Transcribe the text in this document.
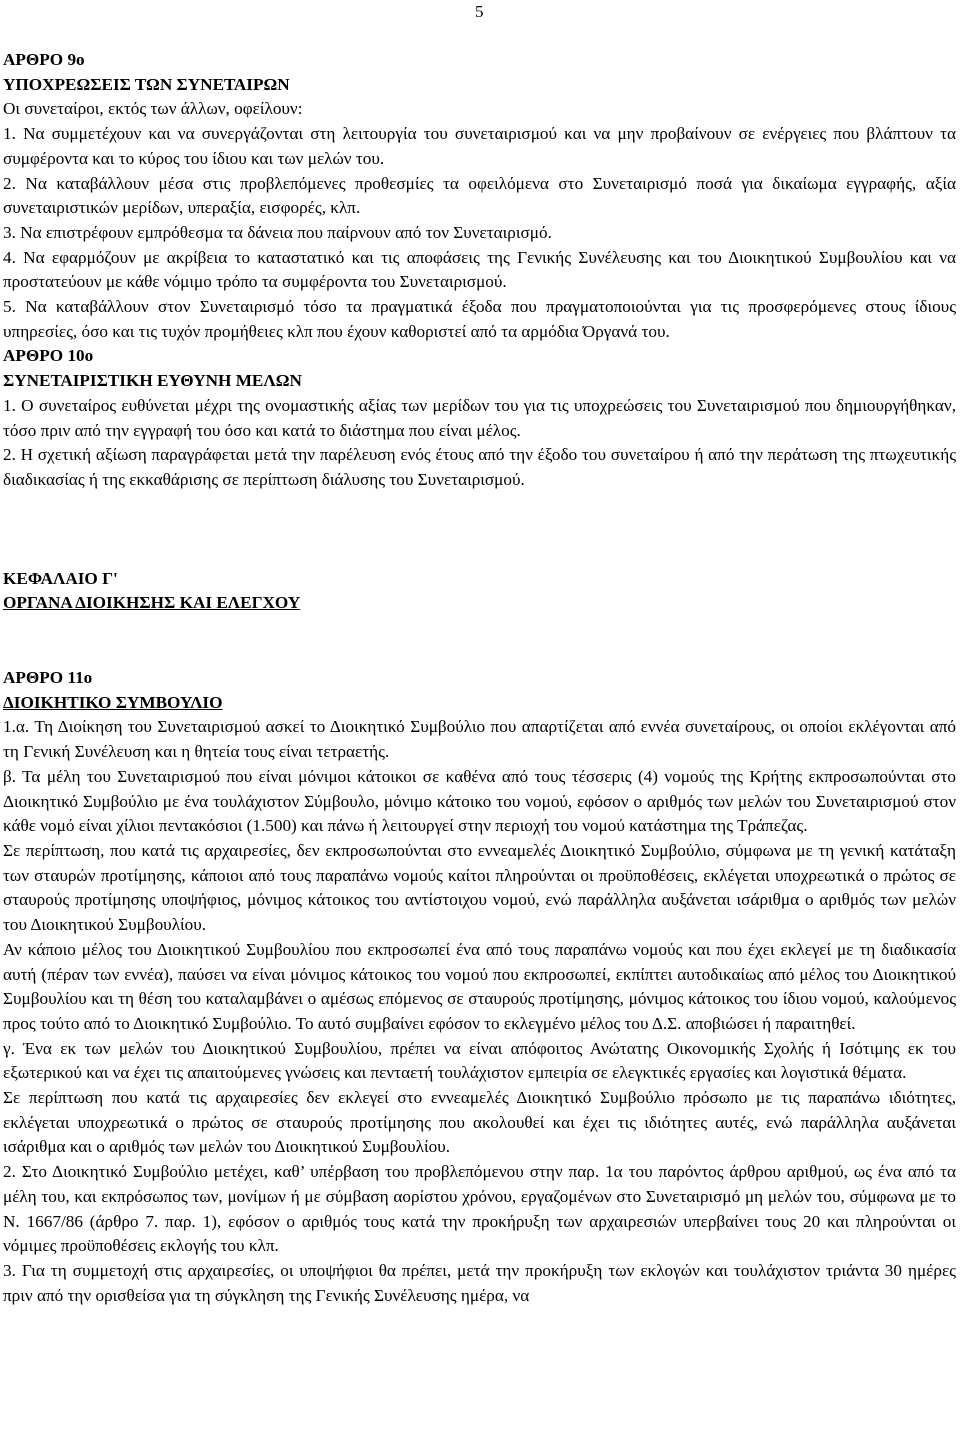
5

ΑΡΘΡΟ 9ο

ΥΠΟΧΡΕΩΣΕΙΣ ΤΩΝ ΣΥΝΕΤΑΙΡΩΝ

Οι συνεταίροι, εκτός των άλλων, οφείλουν:

1. Να συμμετέχουν και να συνεργάζονται στη λειτουργία του συνεταιρισμού και να μην προβαίνουν σε ενέργειες που βλάπτουν τα συμφέροντα και το κύρος του ίδιου και των μελών του.

2. Να καταβάλλουν μέσα στις προβλεπόμενες προθεσμίες τα οφειλόμενα στο Συνεταιρισμό ποσά για δικαίωμα εγγραφής, αξία συνεταιριστικών μερίδων, υπεραξία, εισφορές, κλπ.

3. Να επιστρέφουν εμπρόθεσμα τα δάνεια που παίρνουν από τον Συνεταιρισμό.

4. Να εφαρμόζουν με ακρίβεια το καταστατικό και τις αποφάσεις της Γενικής Συνέλευσης και του Διοικητικού Συμβουλίου και να προστατεύουν με κάθε νόμιμο τρόπο τα συμφέροντα του Συνεταιρισμού.

5. Να καταβάλλουν στον Συνεταιρισμό τόσο τα πραγματικά έξοδα που πραγματοποιούνται για τις προσφερόμενες στους ίδιους υπηρεσίες, όσο και τις τυχόν προμήθειες κλπ που έχουν καθοριστεί από τα αρμόδια Όργανά του.

ΑΡΘΡΟ 10ο

ΣΥΝΕΤΑΙΡΙΣΤΙΚΗ ΕΥΘΥΝΗ ΜΕΛΩΝ

1. Ο συνεταίρος ευθύνεται μέχρι της ονομαστικής αξίας των μερίδων του για τις υποχρεώσεις του Συνεταιρισμού που δημιουργήθηκαν, τόσο πριν από την εγγραφή του όσο και κατά το διάστημα που είναι μέλος.

2. Η σχετική αξίωση παραγράφεται μετά την παρέλευση ενός έτους από την έξοδο του συνεταίρου ή από την περάτωση της πτωχευτικής διαδικασίας ή της εκκαθάρισης σε περίπτωση διάλυσης του Συνεταιρισμού.

ΚΕΦΑΛΑΙΟ Γ'

ΟΡΓΑΝΑ ΔΙΟΙΚΗΣΗΣ ΚΑΙ ΕΛΕΓΧΟΥ

ΑΡΘΡΟ 11ο

ΔΙΟΙΚΗΤΙΚΟ ΣΥΜΒΟΥΛΙΟ

1.α. Τη Διοίκηση του Συνεταιρισμού ασκεί το Διοικητικό Συμβούλιο που απαρτίζεται από εννέα συνεταίρους, οι οποίοι εκλέγονται από τη Γενική Συνέλευση και η θητεία τους είναι τετραετής.

β. Τα μέλη του Συνεταιρισμού που είναι μόνιμοι κάτοικοι σε καθένα από τους τέσσερις (4) νομούς της Κρήτης εκπροσωπούνται στο Διοικητικό Συμβούλιο με ένα τουλάχιστον Σύμβουλο, μόνιμο κάτοικο του νομού, εφόσον ο αριθμός των μελών του Συνεταιρισμού στον κάθε νομό είναι χίλιοι πεντακόσιοι (1.500) και πάνω ή λειτουργεί στην περιοχή του νομού κατάστημα της Τράπεζας.

Σε περίπτωση, που κατά τις αρχαιρεσίες, δεν εκπροσωπούνται στο εννεαμελές Διοικητικό Συμβούλιο, σύμφωνα με τη γενική κατάταξη των σταυρών προτίμησης, κάποιοι από τους παραπάνω νομούς καίτοι πληρούνται οι προϋποθέσεις, εκλέγεται υποχρεωτικά ο πρώτος σε σταυρούς προτίμησης υποψήφιος, μόνιμος κάτοικος του αντίστοιχου νομού, ενώ παράλληλα αυξάνεται ισάριθμα ο αριθμός των μελών του Διοικητικού Συμβουλίου.

Αν κάποιο μέλος του Διοικητικού Συμβουλίου που εκπροσωπεί ένα από τους παραπάνω νομούς και που έχει εκλεγεί με τη διαδικασία αυτή (πέραν των εννέα), παύσει να είναι μόνιμος κάτοικος του νομού που εκπροσωπεί, εκπίπτει αυτοδικαίως από μέλος του Διοικητικού Συμβουλίου και τη θέση του καταλαμβάνει ο αμέσως επόμενος σε σταυρούς προτίμησης, μόνιμος κάτοικος του ίδιου νομού, καλούμενος προς τούτο από το Διοικητικό Συμβούλιο. Το αυτό συμβαίνει εφόσον το εκλεγμένο μέλος του Δ.Σ. αποβιώσει ή παραιτηθεί.

γ. Ένα εκ των μελών του Διοικητικού Συμβουλίου, πρέπει να είναι απόφοιτος Ανώτατης Οικονομικής Σχολής ή Ισότιμης εκ του εξωτερικού και να έχει τις απαιτούμενες γνώσεις και πενταετή τουλάχιστον εμπειρία σε ελεγκτικές εργασίες και λογιστικά θέματα.

Σε περίπτωση που κατά τις αρχαιρεσίες δεν εκλεγεί στο εννεαμελές Διοικητικό Συμβούλιο πρόσωπο με τις παραπάνω ιδιότητες, εκλέγεται υποχρεωτικά ο πρώτος σε σταυρούς προτίμησης που ακολουθεί και έχει τις ιδιότητες αυτές, ενώ παράλληλα αυξάνεται ισάριθμα και ο αριθμός των μελών του Διοικητικού Συμβουλίου.

2. Στο Διοικητικό Συμβούλιο μετέχει, καθ’ υπέρβαση του προβλεπόμενου στην παρ. 1α του παρόντος άρθρου αριθμού, ως ένα από τα μέλη του, και εκπρόσωπος των, μονίμων ή με σύμβαση αορίστου χρόνου, εργαζομένων στο Συνεταιρισμό μη μελών του, σύμφωνα με το Ν. 1667/86 (άρθρο 7. παρ. 1), εφόσον ο αριθμός τους κατά την προκήρυξη των αρχαιρεσιών υπερβαίνει τους 20 και πληρούνται οι νόμιμες προϋποθέσεις εκλογής του κλπ.

3. Για τη συμμετοχή στις αρχαιρεσίες, οι υποψήφιοι θα πρέπει, μετά την προκήρυξη των εκλογών και τουλάχιστον τριάντα 30 ημέρες πριν από την ορισθείσα για τη σύγκληση της Γενικής Συνέλευσης ημέρα, να
